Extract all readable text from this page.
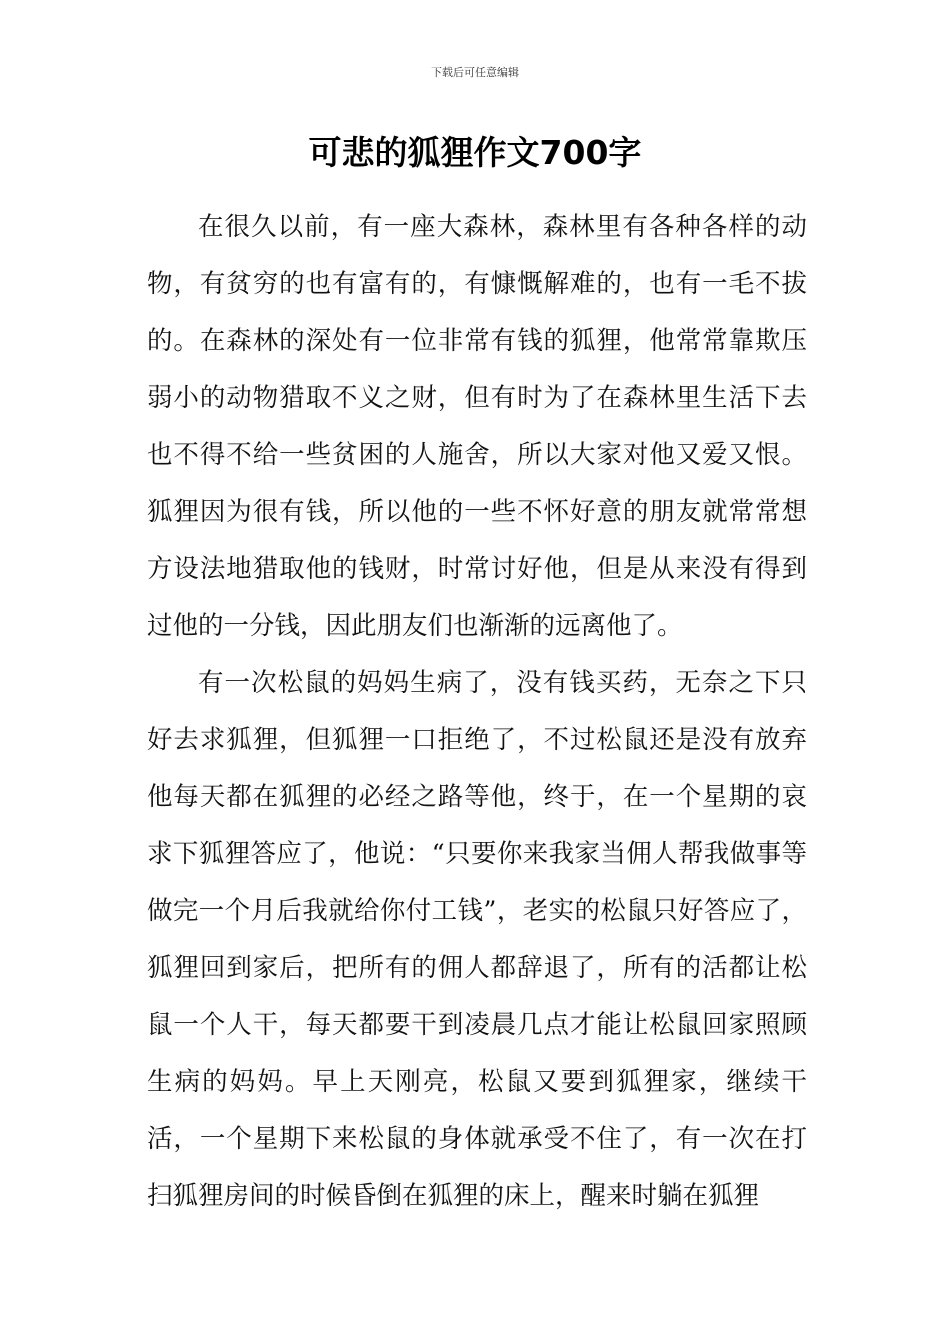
下载后可任意编辑
可悲的狐狸作文700字

在很久以前，有一座大森林，森林里有各种各样的动物，有贫穷的也有富有的，有慷慨解难的，也有一毛不拔的。在森林的深处有一位非常有钱的狐狸，他常常靠欺压弱小的动物猎取不义之财，但有时为了在森林里生活下去也不得不给一些贫困的人施舍，所以大家对他又爱又恨。狐狸因为很有钱，所以他的一些不怀好意的朋友就常常想方设法地猎取他的钱财，时常讨好他，但是从来没有得到过他的一分钱，因此朋友们也渐渐的远离他了。

有一次松鼠的妈妈生病了，没有钱买药，无奈之下只好去求狐狸，但狐狸一口拒绝了，不过松鼠还是没有放弃他每天都在狐狸的必经之路等他，终于，在一个星期的哀求下狐狸答应了，他说：“只要你来我家当佣人帮我做事等做完一个月后我就给你付工钱”，老实的松鼠只好答应了，狐狸回到家后，把所有的佣人都辞退了，所有的活都让松鼠一个人干，每天都要干到凌晨几点才能让松鼠回家照顾生病的妈妈。早上天刚亮，松鼠又要到狐狸家，继续干活，一个星期下来松鼠的身体就承受不住了，有一次在打扫狐狸房间的时候昏倒在狐狸的床上，醒来时躺在狐狸
